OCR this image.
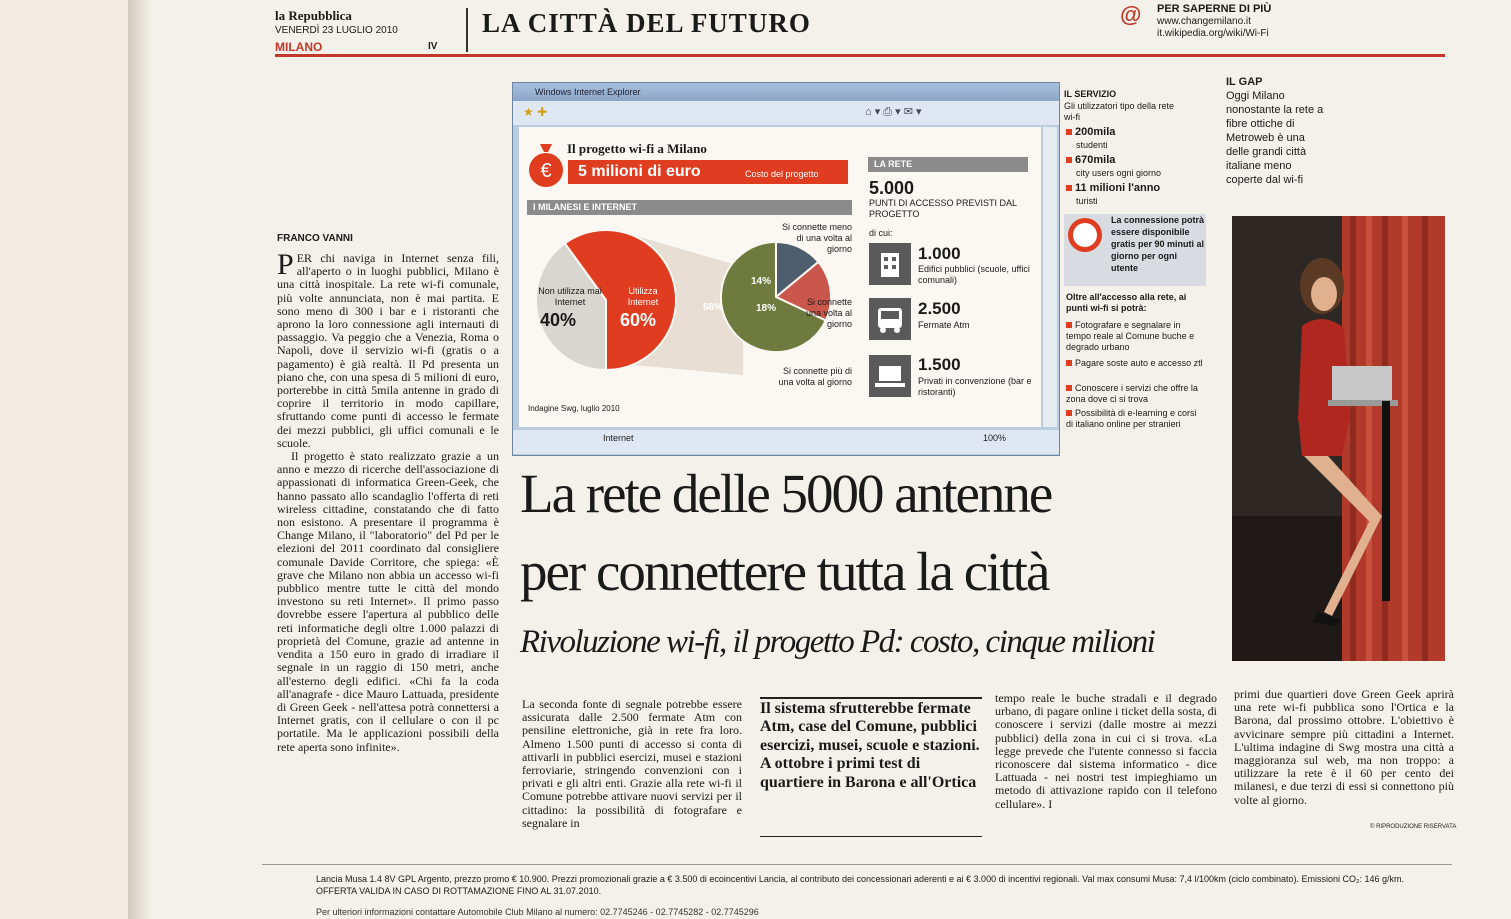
la Repubblica
VENERDÌ 23 LUGLIO 2010
MILANO	IV
LA CITTÀ DEL FUTURO	@ PER SAPERNE DI PIÙ
www.changemilano.it
it.wikipedia.org/wiki/Wi-Fi
Windows Internet Explorer
★ ✚	⌂ ▾ ⎙ ▾ ✉ ▾
Internet	100%
€
Il progetto wi-fi a Milano
5 milioni di euro	Costo del progetto
I MILANESI E INTERNET
Non utilizza mai Internet
40%
Utilizza Internet
60%
14%
18%
68%
Si connette meno di una volta al giorno
Si connette una volta al giorno
Si connette più di una volta al giorno
Indagine Swg, luglio 2010
LA RETE
5.000
PUNTI DI ACCESSO PREVISTI DAL PROGETTO
di cui:
1.000
Edifici pubblici (scuole, uffici comunali)
2.500
Fermate Atm
1.500
Privati in convenzione (bar e ristoranti)
IL SERVIZIO
Gli utilizzatori tipo della rete wi-fi
200mila
studenti
670mila
city users ogni giorno
11 milioni l'anno
turisti
La connessione potrà essere disponibile gratis per 90 minuti al giorno per ogni utente
Oltre all'accesso alla rete, ai punti wi-fi si potrà:
Fotografare e segnalare in tempo reale al Comune buche e degrado urbano
Pagare soste auto e accesso ztl
Conoscere i servizi che offre la zona dove ci si trova
Possibilità di e-learning e corsi di italiano online per stranieri
IL GAP
Oggi Milano nonostante la rete a fibre ottiche di Metroweb è una delle grandi città italiane meno coperte dal wi-fi
FRANCO VANNI

PER chi naviga in Internet senza fili, all'aperto o in luoghi pubblici, Milano è una città inospitale. La rete wi-fi comunale, più volte annunciata, non è mai partita. E sono meno di 300 i bar e i ristoranti che aprono la loro connessione agli internauti di passaggio. Va peggio che a Venezia, Roma o Napoli, dove il servizio wi-fi (gratis o a pagamento) è già realtà. Il Pd presenta un piano che, con una spesa di 5 milioni di euro, porterebbe in città 5mila antenne in grado di coprire il territorio in modo capillare, sfruttando come punti di accesso le fermate dei mezzi pubblici, gli uffici comunali e le scuole.

Il progetto è stato realizzato grazie a un anno e mezzo di ricerche dell'associazione di appassionati di informatica Green-Geek, che hanno passato allo scandaglio l'offerta di reti wireless cittadine, constatando che di fatto non esistono. A presentare il programma è Change Milano, il "laboratorio" del Pd per le elezioni del 2011 coordinato dal consigliere comunale Davide Corritore, che spiega: «È grave che Milano non abbia un accesso wi-fi pubblico mentre tutte le città del mondo investono su reti Internet». Il primo passo dovrebbe essere l'apertura al pubblico delle reti informatiche degli oltre 1.000 palazzi di proprietà del Comune, grazie ad antenne in vendita a 150 euro in grado di irradiare il segnale in un raggio di 150 metri, anche all'esterno degli edifici. «Chi fa la coda all'anagrafe - dice Mauro Lattuada, presidente di Green Geek - nell'attesa potrà connettersi a Internet gratis, con il cellulare o con il pc portatile. Ma le applicazioni possibili della rete aperta sono infinite».

La rete delle 5000 antenne
per connettere tutta la città
Rivoluzione wi-fi, il progetto Pd: costo, cinque milioni
La seconda fonte di segnale potrebbe essere assicurata dalle 2.500 fermate Atm con pensiline elettroniche, già in rete fra loro. Almeno 1.500 punti di accesso si conta di attivarli in pubblici esercizi, musei e stazioni ferroviarie, stringendo convenzioni con i privati e gli altri enti. Grazie alla rete wi-fi il Comune potrebbe attivare nuovi servizi per il cittadino: la possibilità di fotografare e segnalare in
Il sistema sfrutterebbe fermate Atm, case del Comune, pubblici esercizi, musei, scuole e stazioni. A ottobre i primi test di quartiere in Barona e all'Ortica
tempo reale le buche stradali e il degrado urbano, di pagare online i ticket della sosta, di conoscere i servizi (dalle mostre ai mezzi pubblici) della zona in cui ci si trova. «La legge prevede che l'utente connesso si faccia riconoscere dal sistema informatico - dice Lattuada - nei nostri test impieghiamo un metodo di attivazione rapido con il telefono cellulare». I
primi due quartieri dove Green Geek aprirà una rete wi-fi pubblica sono l'Ortica e la Barona, dal prossimo ottobre. L'obiettivo è avvicinare sempre più cittadini a Internet. L'ultima indagine di Swg mostra una città a maggioranza sul web, ma non troppo: a utilizzare la rete è il 60 per cento dei milanesi, e due terzi di essi si connettono più volte al giorno.
© RIPRODUZIONE RISERVATA
Lancia Musa 1.4 8V GPL Argento, prezzo promo € 10.900. Prezzi promozionali grazie a € 3.500 di ecoincentivi Lancia, al contributo dei concessionari aderenti e ai € 3.000 di incentivi regionali. Val max consumi Musa: 7,4 l/100km (ciclo combinato). Emissioni CO₂: 146 g/km.
OFFERTA VALIDA IN CASO DI ROTTAMAZIONE FINO AL 31.07.2010.
Per ulteriori informazioni contattare Automobile Club Milano al numero: 02.7745246 - 02.7745282 - 02.7745296
